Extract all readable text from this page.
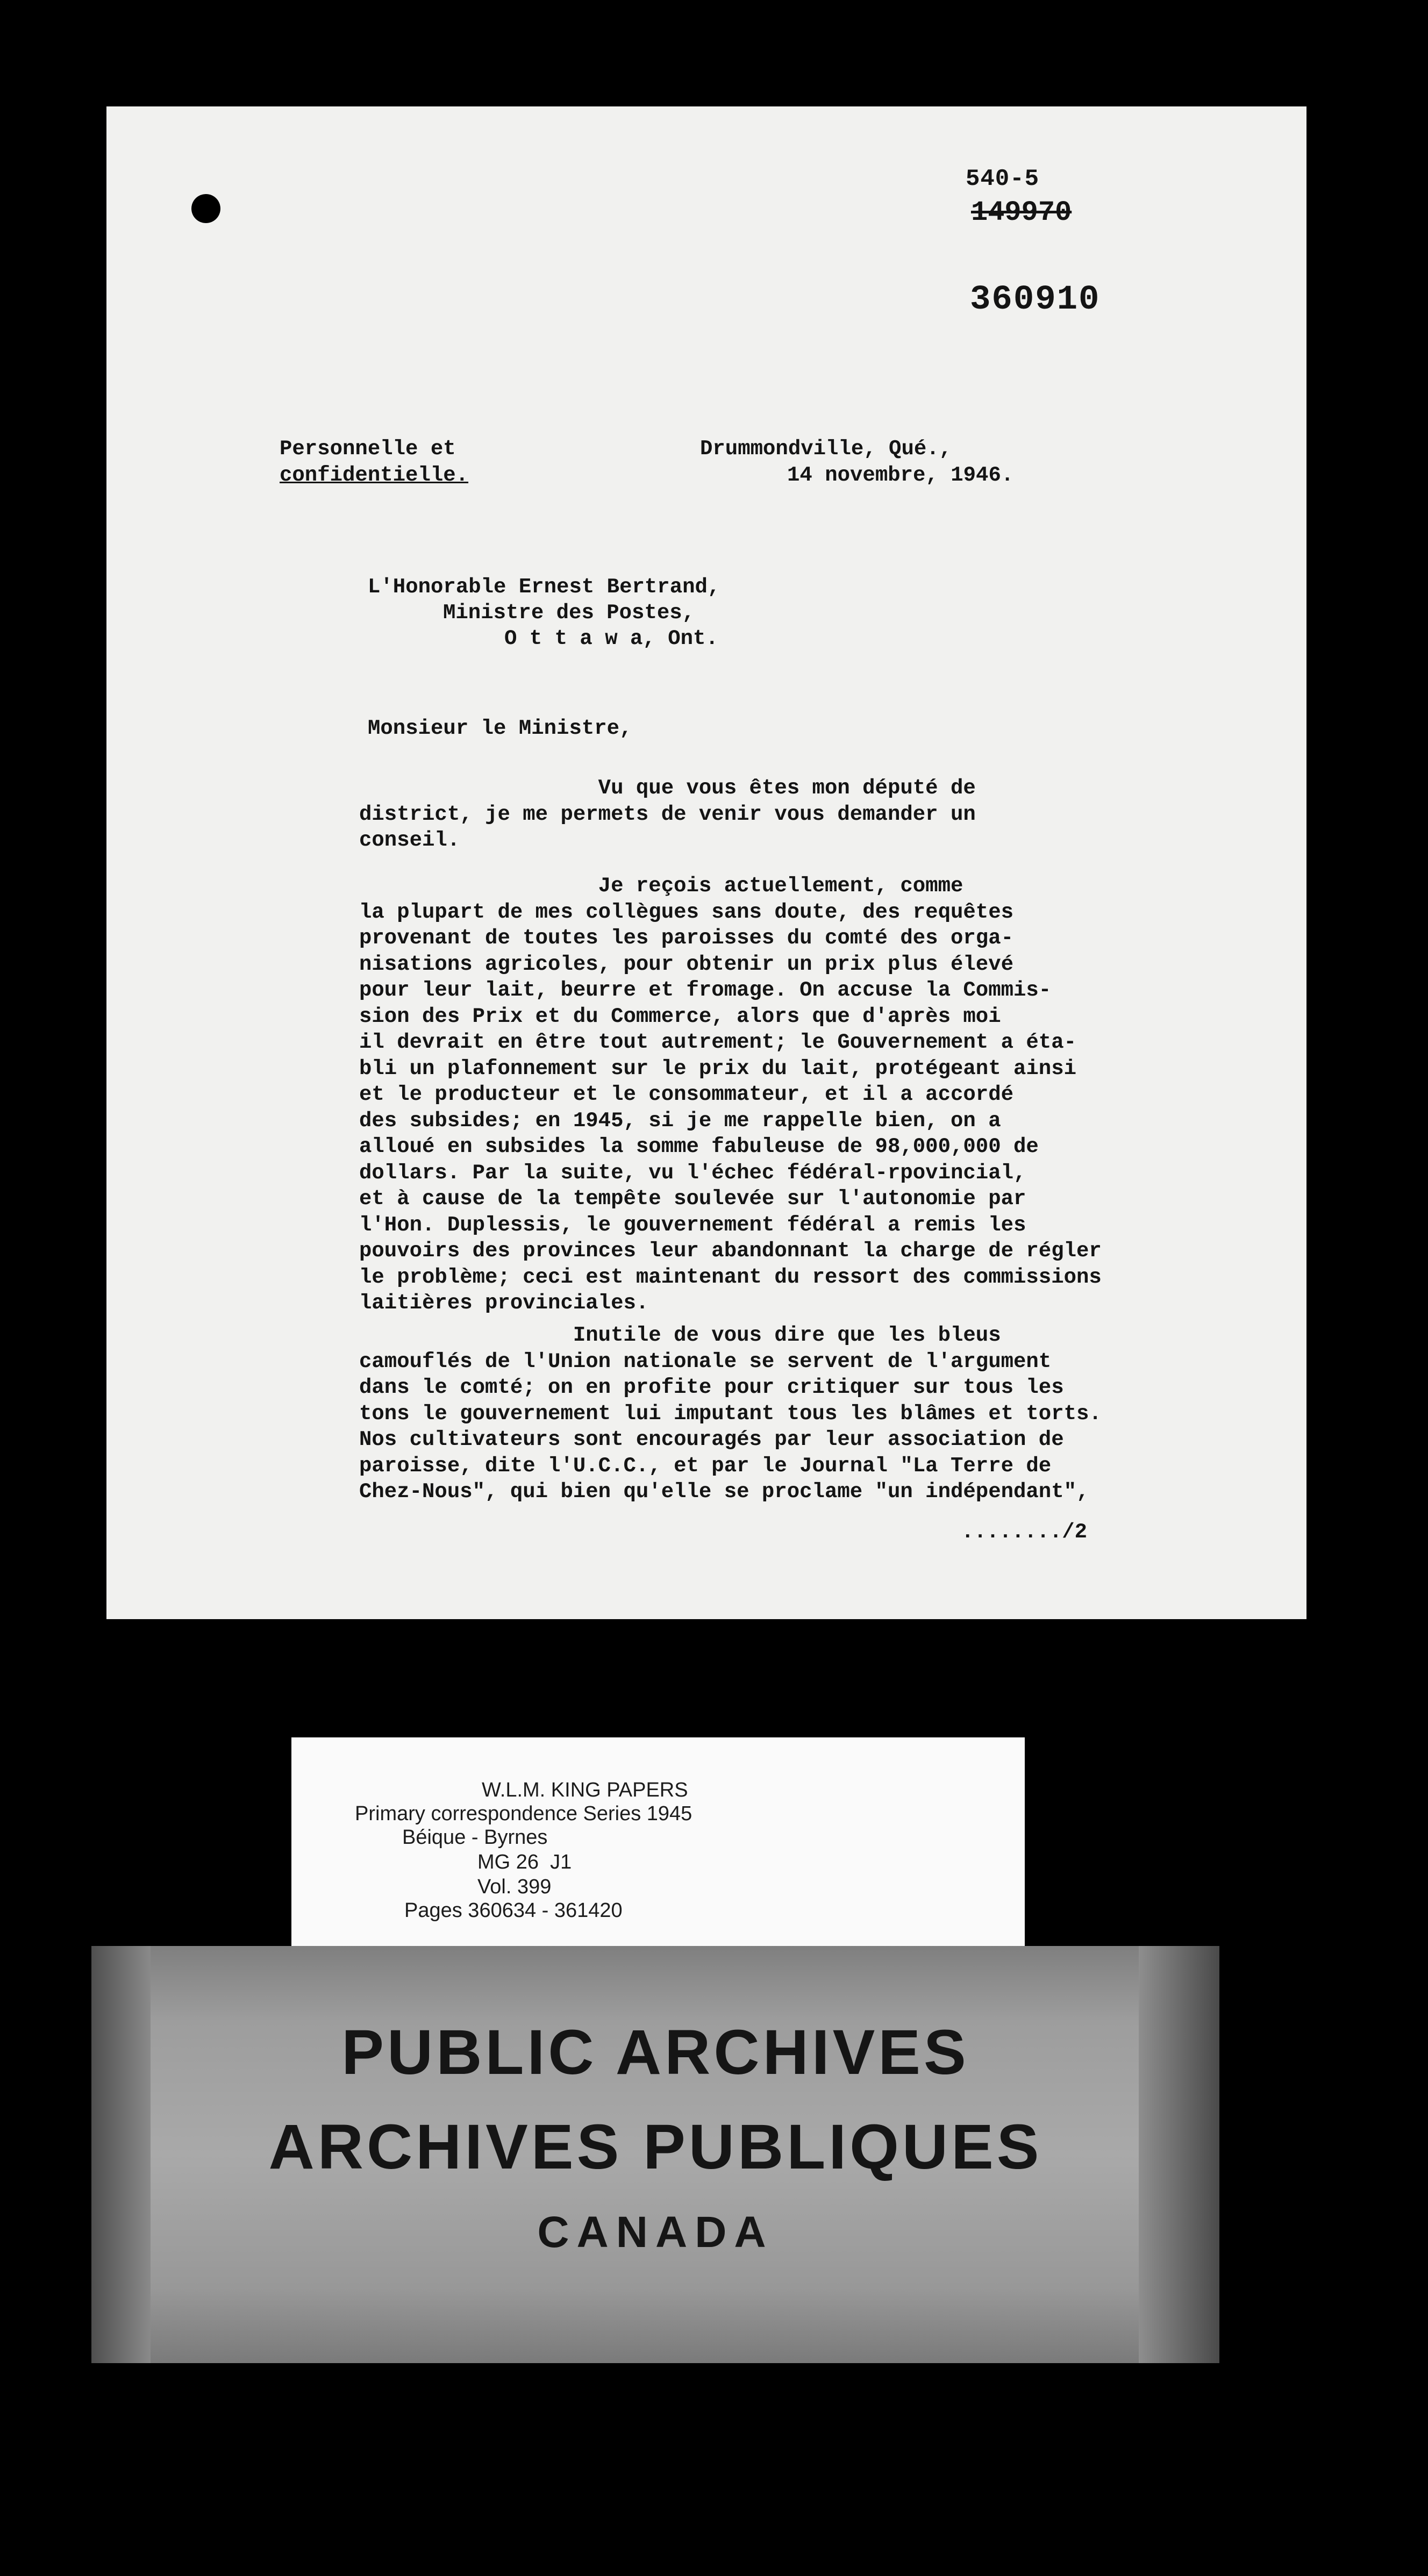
540-5
149970
360910
Personnelle et
confidentielle.
Drummondville, Qué.,
14 novembre, 1946.
L'Honorable Ernest Bertrand,
Ministre des Postes,
O t t a w a, Ont.
Monsieur le Ministre,
Vu que vous êtes mon député de
district, je me permets de venir vous demander un
conseil.
Je reçois actuellement, comme
la plupart de mes collègues sans doute, des requêtes
provenant de toutes les paroisses du comté des orga-
nisations agricoles, pour obtenir un prix plus élevé
pour leur lait, beurre et fromage. On accuse la Commis-
sion des Prix et du Commerce, alors que d'après moi
il devrait en être tout autrement; le Gouvernement a éta-
bli un plafonnement sur le prix du lait, protégeant ainsi
et le producteur et le consommateur, et il a accordé
des subsides; en 1945, si je me rappelle bien, on a
alloué en subsides la somme fabuleuse de 98,000,000 de
dollars. Par la suite, vu l'échec fédéral-rpovincial,
et à cause de la tempête soulevée sur l'autonomie par
l'Hon. Duplessis, le gouvernement fédéral a remis les
pouvoirs des provinces leur abandonnant la charge de régler
le problème; ceci est maintenant du ressort des commissions
laitières provinciales.
Inutile de vous dire que les bleus
camouflés de l'Union nationale se servent de l'argument
dans le comté; on en profite pour critiquer sur tous les
tons le gouvernement lui imputant tous les blâmes et torts.
Nos cultivateurs sont encouragés par leur association de
paroisse, dite l'U.C.C., et par le Journal "La Terre de
Chez-Nous", qui bien qu'elle se proclame "un indépendant",
......../2
W.L.M. KING PAPERS
Primary correspondence Series 1945
Béique - Byrnes
MG 26  J1
Vol. 399
Pages 360634 - 361420
PUBLIC ARCHIVES
ARCHIVES PUBLIQUES
CANADA
